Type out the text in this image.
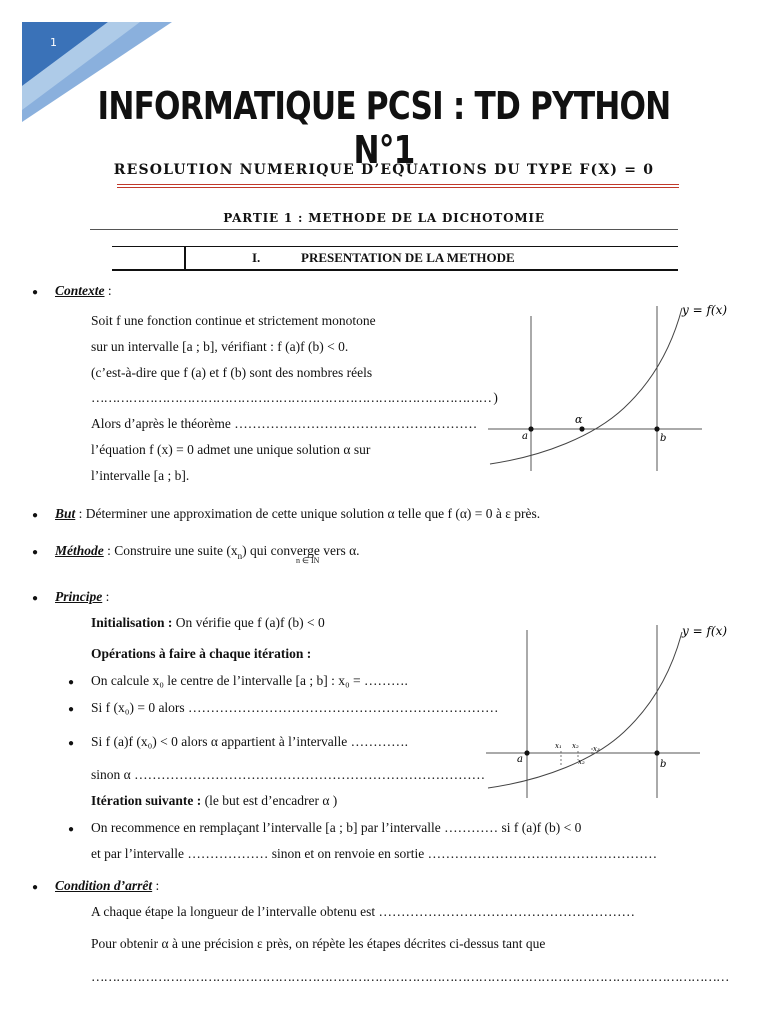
1
INFORMATIQUE PCSI : TD PYTHON N°1
RESOLUTION NUMERIQUE D’EQUATIONS DU TYPE F(X) = 0
PARTIE 1 : METHODE DE LA DICHOTOMIE
I.	PRESENTATION DE LA METHODE
● Contexte :
Soit f une fonction continue et strictement monotone
sur un intervalle [a ; b], vérifiant : f (a)f (b) < 0.
(c’est-à-dire que f (a) et f (b) sont des nombres réels
…………………………………………………………………………………… )
Alors d’après le théorème ………………………………………………
l’équation f (x) = 0 admet une unique solution α sur
l’intervalle [a ; b].
a	b
α
y = f(x)
● But : Déterminer une approximation de cette unique solution α telle que f (α) = 0 à ε près.
● Méthode : Construire une suite $(x_n)$ qui converge vers α.
n ∈ IN
● Principe :
Initialisation : On vérifie que f (a)f (b) < 0
Opérations à faire à chaque itération :
● On calcule x₀ le centre de l’intervalle [a ; b] : x₀ = ……….
● Si f (x₀) = 0 alors ……………………………………………………………
● Si f (a)f (x₀) < 0 alors α appartient à l’intervalle ………….
sinon α ……………………………………………………………………
Itération suivante : (le but est d’encadrer α )
● On recommence en remplaçant l’intervalle [a ; b] par l’intervalle ………… si f (a)f (b) < 0
et par l’intervalle ……………… sinon et on renvoie en sortie ……………………………………………
a	b
x₁ x₂ x₃
x₂
y = f(x)
● Condition d’arrêt :
A chaque étape la longueur de l’intervalle obtenu est …………………………………………………
Pour obtenir α à une précision ε près, on répète les étapes décrites ci-dessus tant que
………………………………………………………………………………………………………………………………………
